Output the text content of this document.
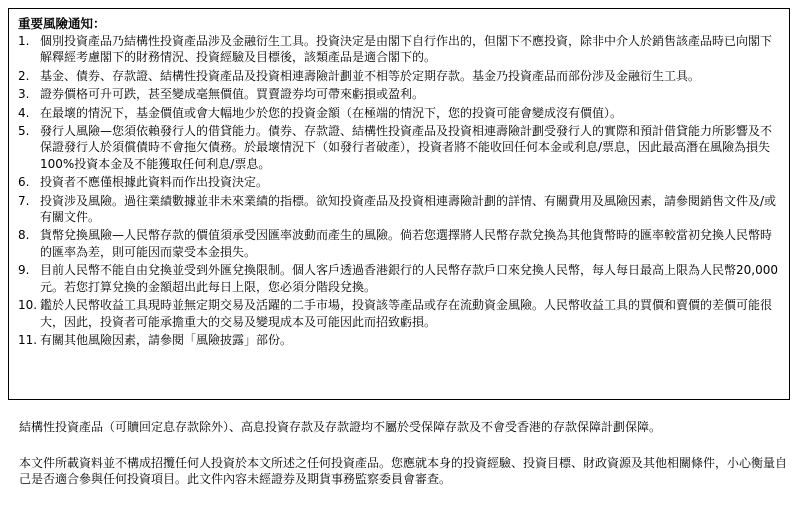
重要風險通知：
1. 個別投資產品乃結構性投資產品涉及金融衍生工具。投資決定是由閣下自行作出的，但閣下不應投資，除非中介人於銷售該產品時已向閣下解釋經考慮閣下的財務情況、投資經驗及目標後，該類產品是適合閣下的。
2. 基金、債券、存款證、結構性投資產品及投資相連壽險計劃並不相等於定期存款。基金乃投資產品而部份涉及金融衍生工具。
3. 證券價格可升可跌，甚至變成毫無價值。買賣證券均可帶來虧損或盈利。
4. 在最壞的情況下，基金價值或會大幅地少於您的投資金額（在極端的情況下，您的投資可能會變成沒有價值）。
5. 發行人風險—您須依賴發行人的借貸能力。債券、存款證、結構性投資產品及投資相連壽險計劃受發行人的實際和預計借貸能力所影響及不保證發行人於須償債時不會拖欠債務。於最壞情況下（如發行者破產），投資者將不能收回任何本金或利息/票息，因此最高潛在風險為損失100%投資本金及不能獲取任何利息/票息。
6. 投資者不應僅根據此資料而作出投資決定。
7. 投資涉及風險。過往業績數據並非未來業績的指標。欲知投資產品及投資相連壽險計劃的詳情、有關費用及風險因素，請參閱銷售文件及/或有關文件。
8. 貨幣兌換風險—人民幣存款的價值須承受因匯率波動而產生的風險。倘若您選擇將人民幣存款兌換為其他貨幣時的匯率較當初兌換人民幣時的匯率為差，則可能因而蒙受本金損失。
9. 目前人民幣不能自由兌換並受到外匯兌換限制。個人客戶透過香港銀行的人民幣存款戶口來兌換人民幣，每人每日最高上限為人民幣20,000元。若您打算兌換的金額超出此每日上限，您必須分階段兌換。
10. 鑑於人民幣收益工具現時並無定期交易及活躍的二手市場，投資該等產品或存在流動資金風險。人民幣收益工具的買價和賣價的差價可能很大，因此，投資者可能承擔重大的交易及變現成本及可能因此而招致虧損。
11. 有關其他風險因素，請參閱「風險披露」部份。

結構性投資產品（可贖回定息存款除外）、高息投資存款及存款證均不屬於受保障存款及不會受香港的存款保障計劃保障。

本文件所載資料並不構成招攬任何人投資於本文所述之任何投資產品。您應就本身的投資經驗、投資目標、財政資源及其他相關條件，小心衡量自己是否適合參與任何投資項目。此文件內容未經證券及期貨事務監察委員會審查。
